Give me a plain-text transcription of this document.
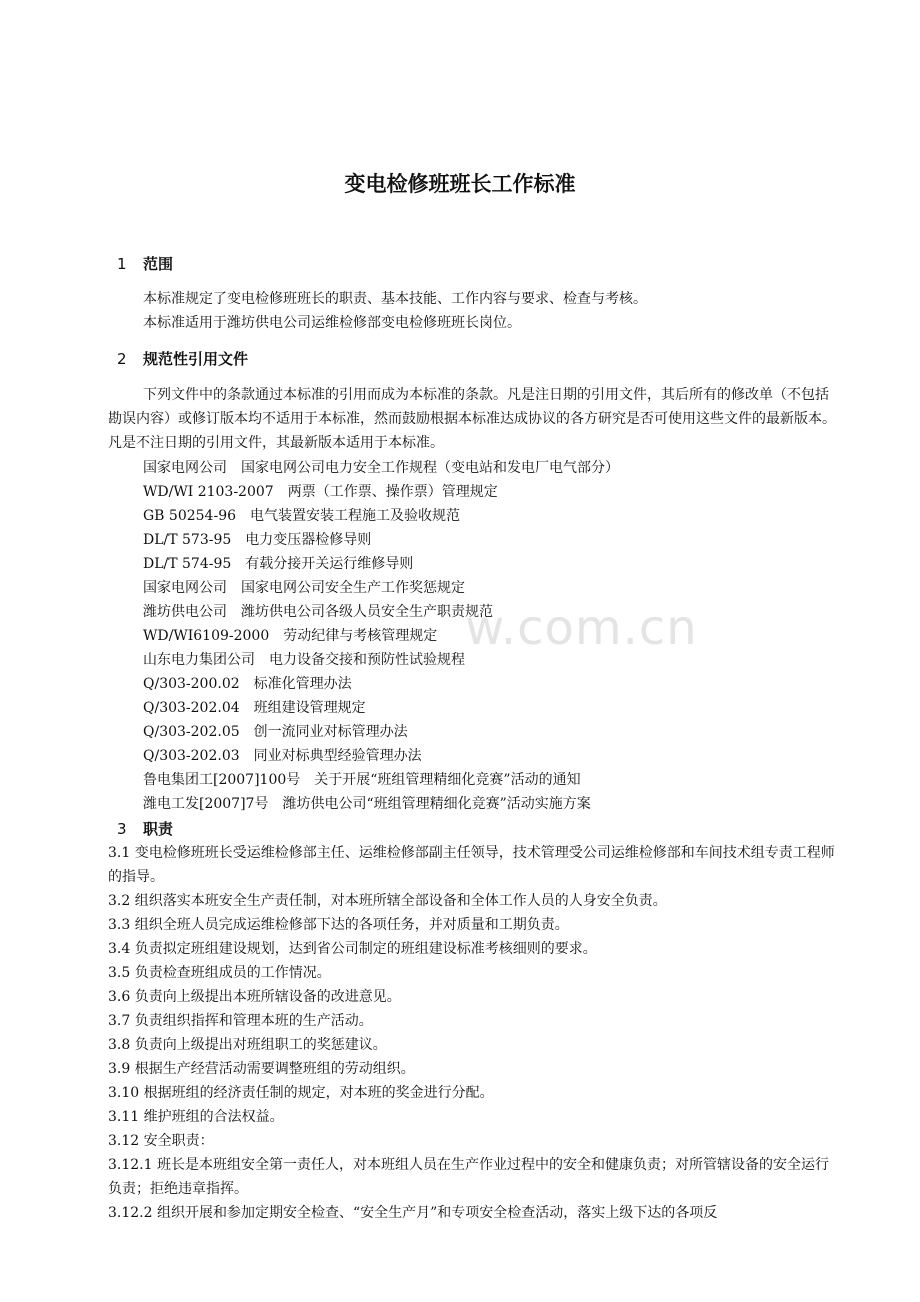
w.com.cn
变电检修班班长工作标准
1 范围
本标准规定了变电检修班班长的职责、基本技能、工作内容与要求、检查与考核。
本标准适用于潍坊供电公司运维检修部变电检修班班长岗位。
2 规范性引用文件
下列文件中的条款通过本标准的引用而成为本标准的条款。凡是注日期的引用文件，其后所有的修改单（不包括勘误内容）或修订版本均不适用于本标准，然而鼓励根据本标准达成协议的各方研究是否可使用这些文件的最新版本。凡是不注日期的引用文件，其最新版本适用于本标准。
国家电网公司　国家电网公司电力安全工作规程（变电站和发电厂电气部分）
WD/WI 2103-2007　两票（工作票、操作票）管理规定
GB 50254-96　电气装置安装工程施工及验收规范
DL/T 573-95　电力变压器检修导则
DL/T 574-95　有载分接开关运行维修导则
国家电网公司　国家电网公司安全生产工作奖惩规定
潍坊供电公司　潍坊供电公司各级人员安全生产职责规范
WD/WI6109-2000　劳动纪律与考核管理规定
山东电力集团公司　电力设备交接和预防性试验规程
Q/303-200.02　标准化管理办法
Q/303-202.04　班组建设管理规定
Q/303-202.05　创一流同业对标管理办法
Q/303-202.03　同业对标典型经验管理办法
鲁电集团工[2007]100号　关于开展“班组管理精细化竞赛”活动的通知
潍电工发[2007]7号　潍坊供电公司“班组管理精细化竞赛”活动实施方案
3 职责
3.1 变电检修班班长受运维检修部主任、运维检修部副主任领导，技术管理受公司运维检修部和车间技术组专责工程师的指导。
3.2 组织落实本班安全生产责任制，对本班所辖全部设备和全体工作人员的人身安全负责。
3.3 组织全班人员完成运维检修部下达的各项任务，并对质量和工期负责。
3.4 负责拟定班组建设规划，达到省公司制定的班组建设标准考核细则的要求。
3.5 负责检查班组成员的工作情况。
3.6 负责向上级提出本班所辖设备的改进意见。
3.7 负责组织指挥和管理本班的生产活动。
3.8 负责向上级提出对班组职工的奖惩建议。
3.9 根据生产经营活动需要调整班组的劳动组织。
3.10 根据班组的经济责任制的规定，对本班的奖金进行分配。
3.11 维护班组的合法权益。
3.12 安全职责：
3.12.1 班长是本班组安全第一责任人，对本班组人员在生产作业过程中的安全和健康负责；对所管辖设备的安全运行负责；拒绝违章指挥。
3.12.2 组织开展和参加定期安全检查、“安全生产月”和专项安全检查活动，落实上级下达的各项反
